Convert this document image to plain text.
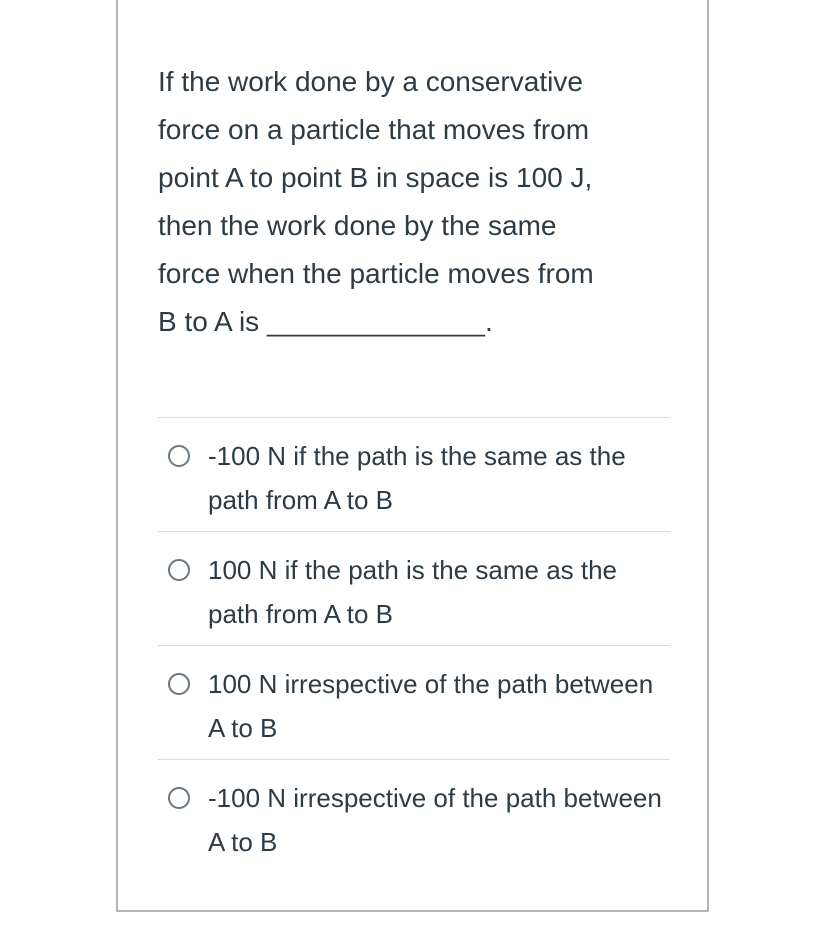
If the work done by a conservative
force on a particle that moves from
point A to point B in space is 100 J,
then the work done by the same
force when the particle moves from
B to A is ______________.
-100 N if the path is the same as the path from A to B
100 N if the path is the same as the path from A to B
100 N irrespective of the path between A to B
-100 N irrespective of the path between A to B
